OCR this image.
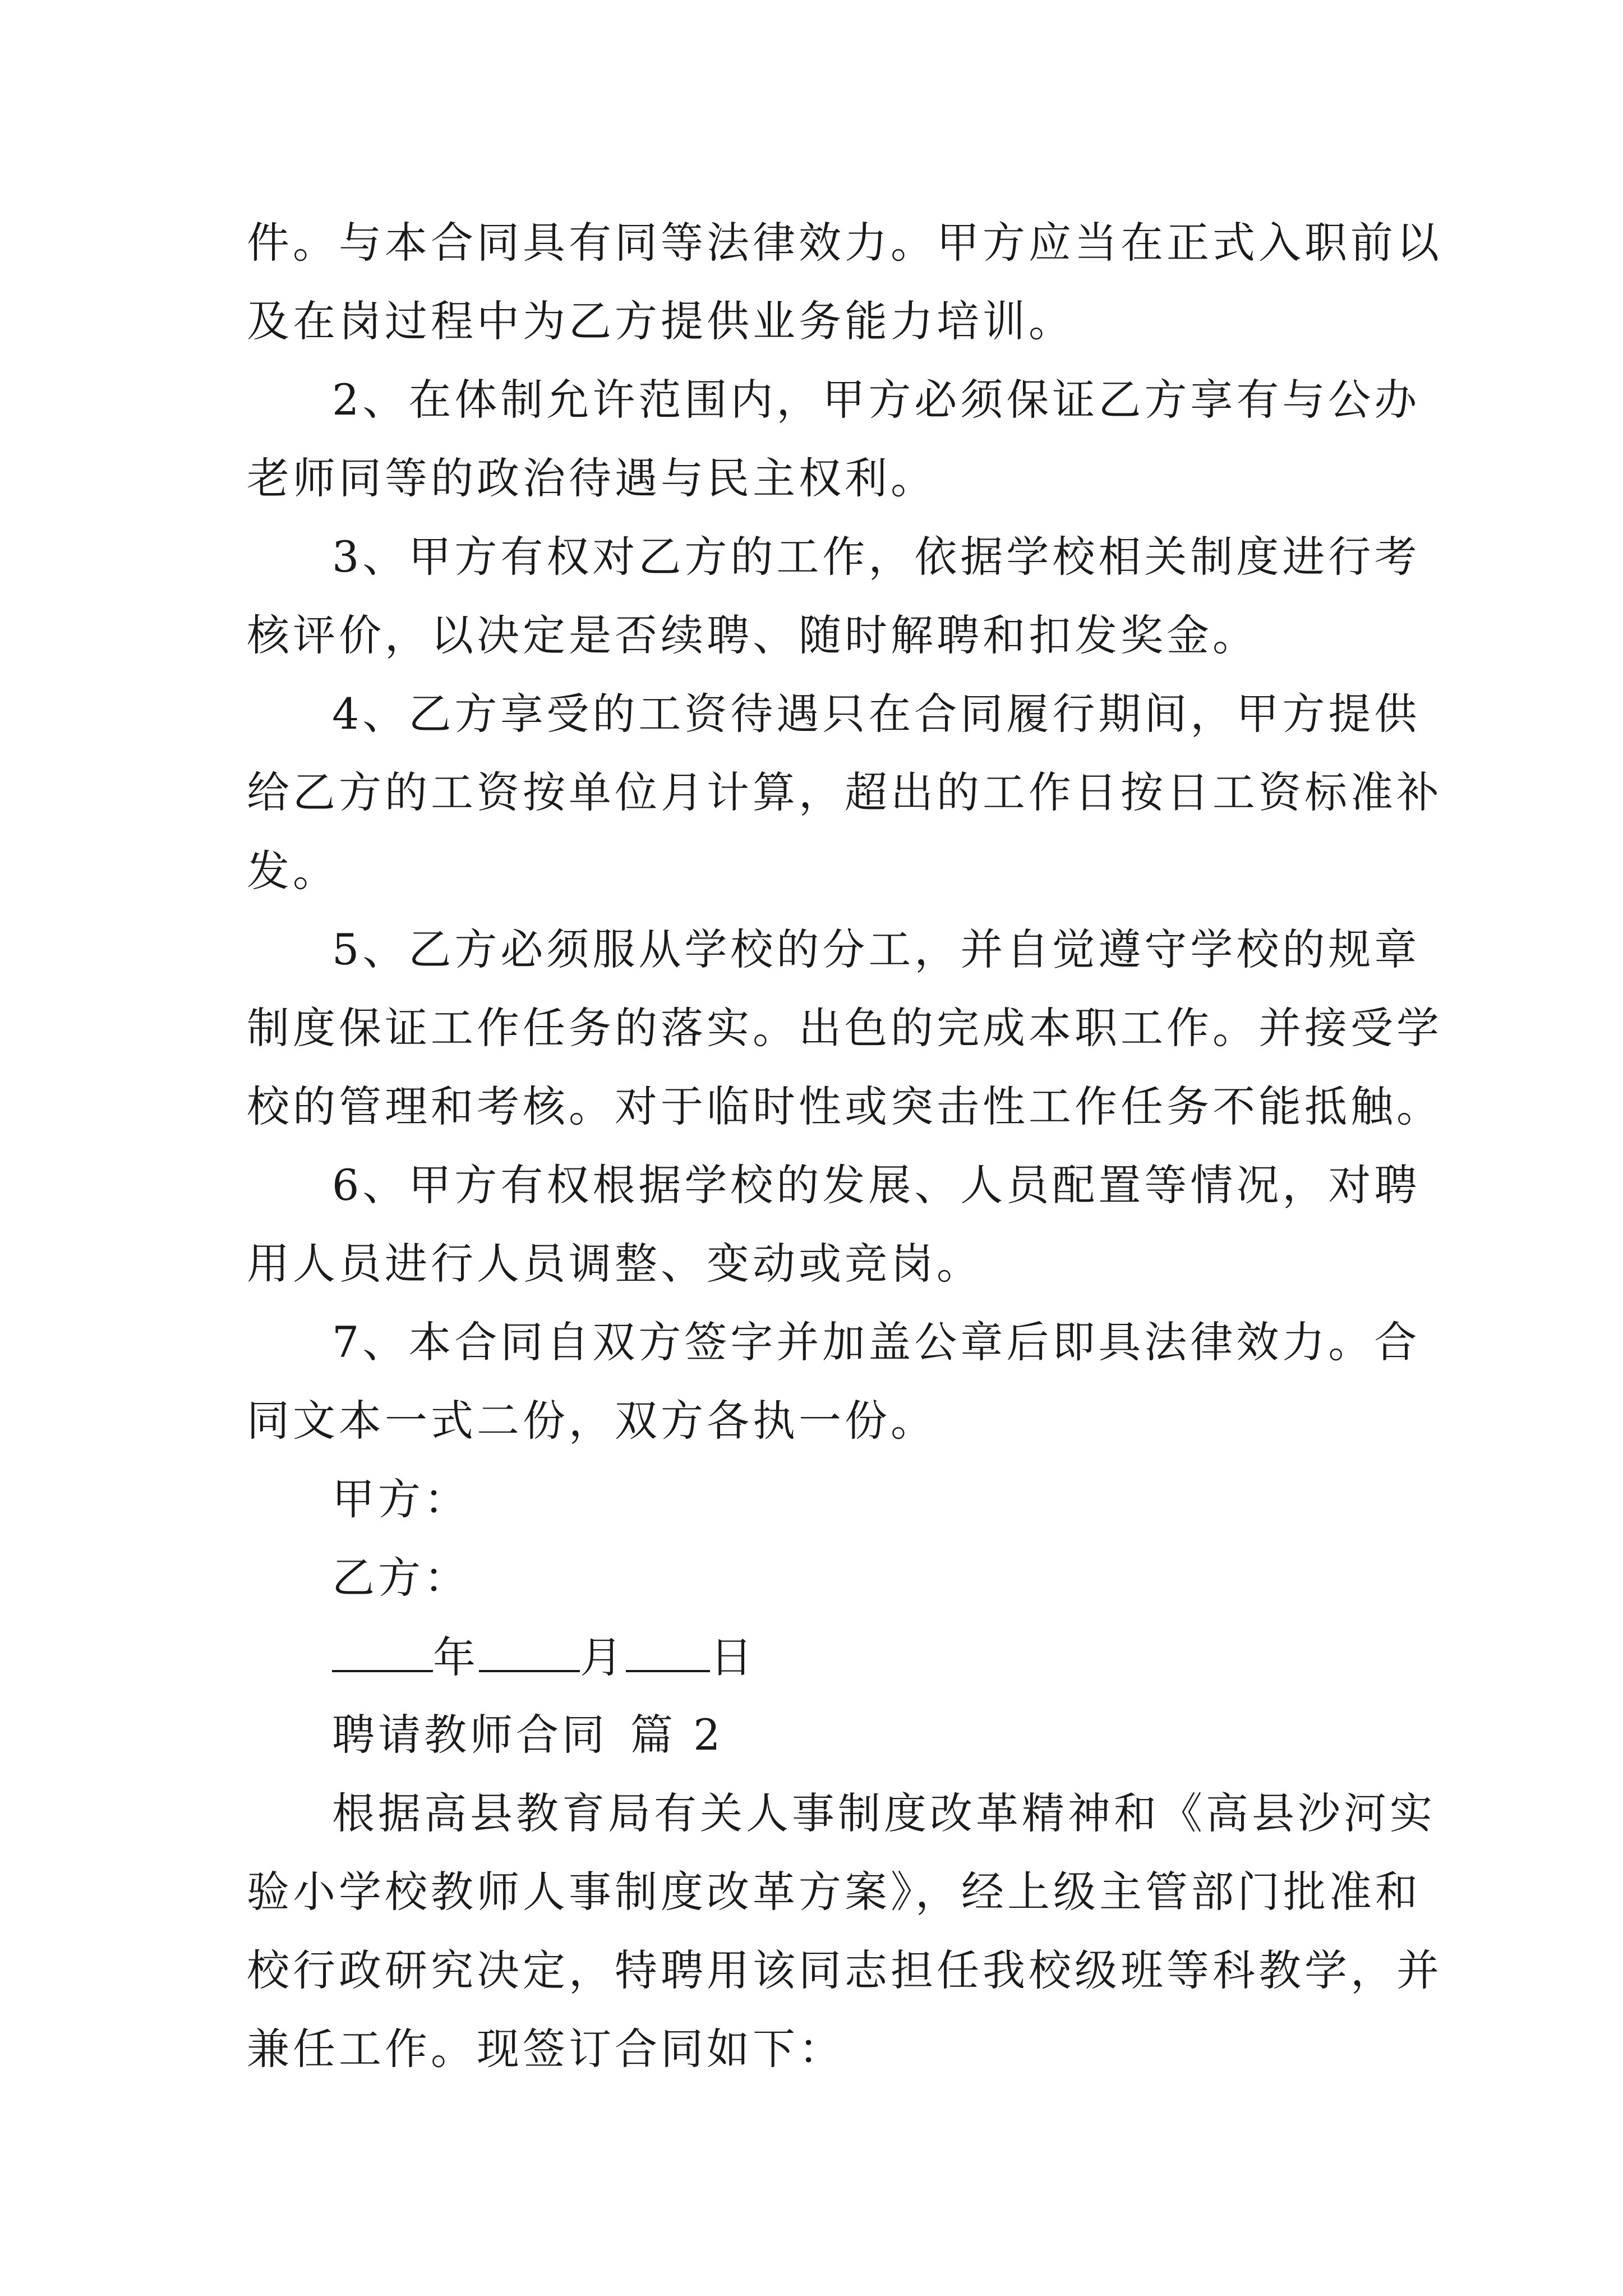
件。与本合同具有同等法律效力。甲方应当在正式入职前以
及在岗过程中为乙方提供业务能力培训。
2、在体制允许范围内，甲方必须保证乙方享有与公办
老师同等的政治待遇与民主权利。
3、甲方有权对乙方的工作，依据学校相关制度进行考
核评价，以决定是否续聘、随时解聘和扣发奖金。
4、乙方享受的工资待遇只在合同履行期间，甲方提供
给乙方的工资按单位月计算，超出的工作日按日工资标准补
发。
5、乙方必须服从学校的分工，并自觉遵守学校的规章
制度保证工作任务的落实。出色的完成本职工作。并接受学
校的管理和考核。对于临时性或突击性工作任务不能抵触。
6、甲方有权根据学校的发展、人员配置等情况，对聘
用人员进行人员调整、变动或竞岗。
7、本合同自双方签字并加盖公章后即具法律效力。合
同文本一式二份，双方各执一份。
甲方：
乙方：
年 月 日
聘请教师合同 篇 2
根据高县教育局有关人事制度改革精神和《高县沙河实
验小学校教师人事制度改革方案》，经上级主管部门批准和
校行政研究决定，特聘用该同志担任我校级班等科教学，并
兼任工作。现签订合同如下：
